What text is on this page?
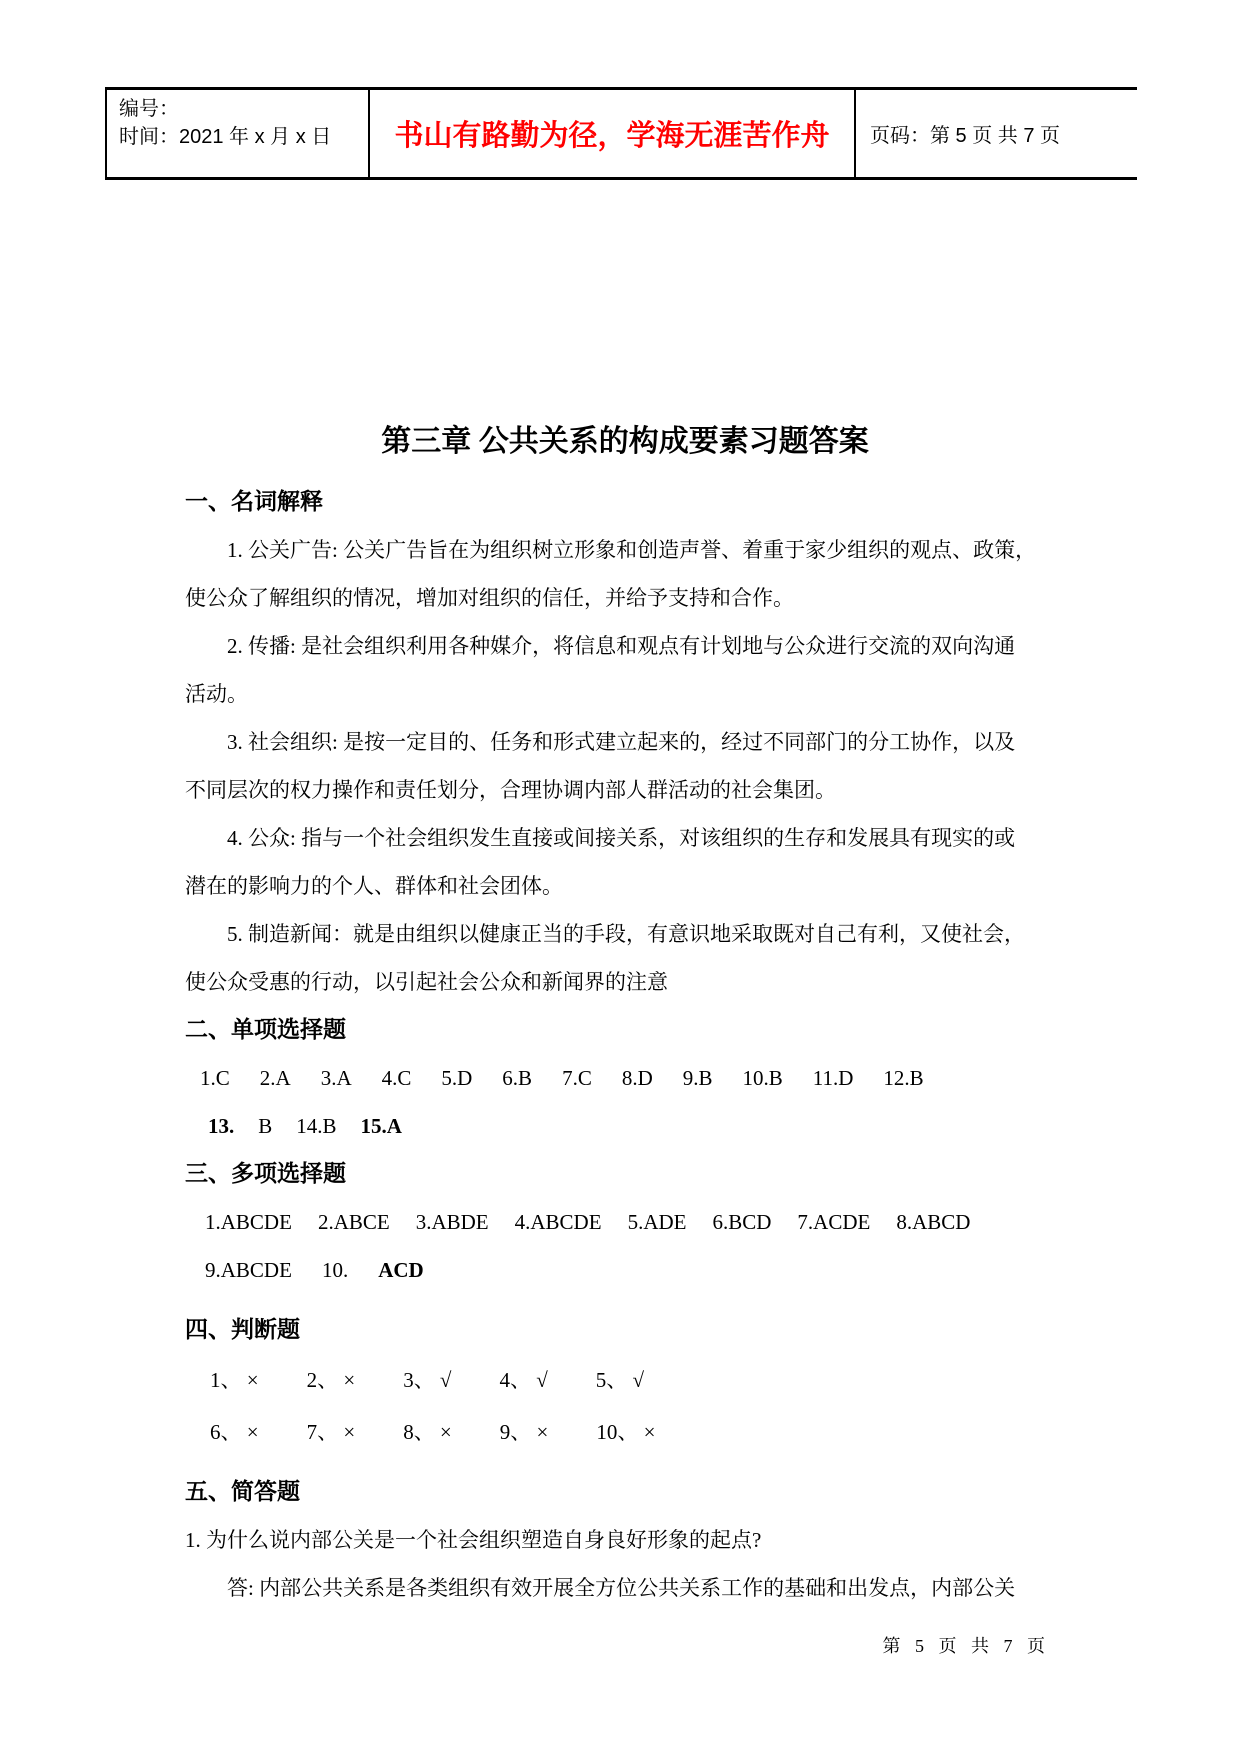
编号：
时间：2021 年 x 月 x 日	书山有路勤为径，学海无涯苦作舟 页码：第 5 页 共 7 页
第三章 公共关系的构成要素习题答案
一、名词解释
1. 公关广告: 公关广告旨在为组织树立形象和创造声誉、着重于家少组织的观点、政策，
使公众了解组织的情况，增加对组织的信任，并给予支持和合作。
2. 传播: 是社会组织利用各种媒介，将信息和观点有计划地与公众进行交流的双向沟通
活动。
3. 社会组织: 是按一定目的、任务和形式建立起来的，经过不同部门的分工协作，以及
不同层次的权力操作和责任划分，合理协调内部人群活动的社会集团。
4. 公众: 指与一个社会组织发生直接或间接关系，对该组织的生存和发展具有现实的或
潜在的影响力的个人、群体和社会团体。
5. 制造新闻：就是由组织以健康正当的手段，有意识地采取既对自己有利，又使社会，
使公众受惠的行动，以引起社会公众和新闻界的注意
二、单项选择题
1.C 2.A 3.A 4.C 5.D 6.B 7.C 8.D 9.B 10.B 11.D 12.B
13. B 14.B 15.A
三、多项选择题
1.ABCDE 2.ABCE 3.ABDE 4.ABCDE 5.ADE 6.BCD 7.ACDE 8.ABCD
9.ABCDE 10. ACD
四、判断题
1、 × 2、 × 3、 √ 4、 √ 5、 √
6、 × 7、 × 8、 × 9、 × 10、 ×
五、简答题
1. 为什么说内部公关是一个社会组织塑造自身良好形象的起点?
答: 内部公共关系是各类组织有效开展全方位公共关系工作的基础和出发点，内部公关
第 5 页 共 7 页
